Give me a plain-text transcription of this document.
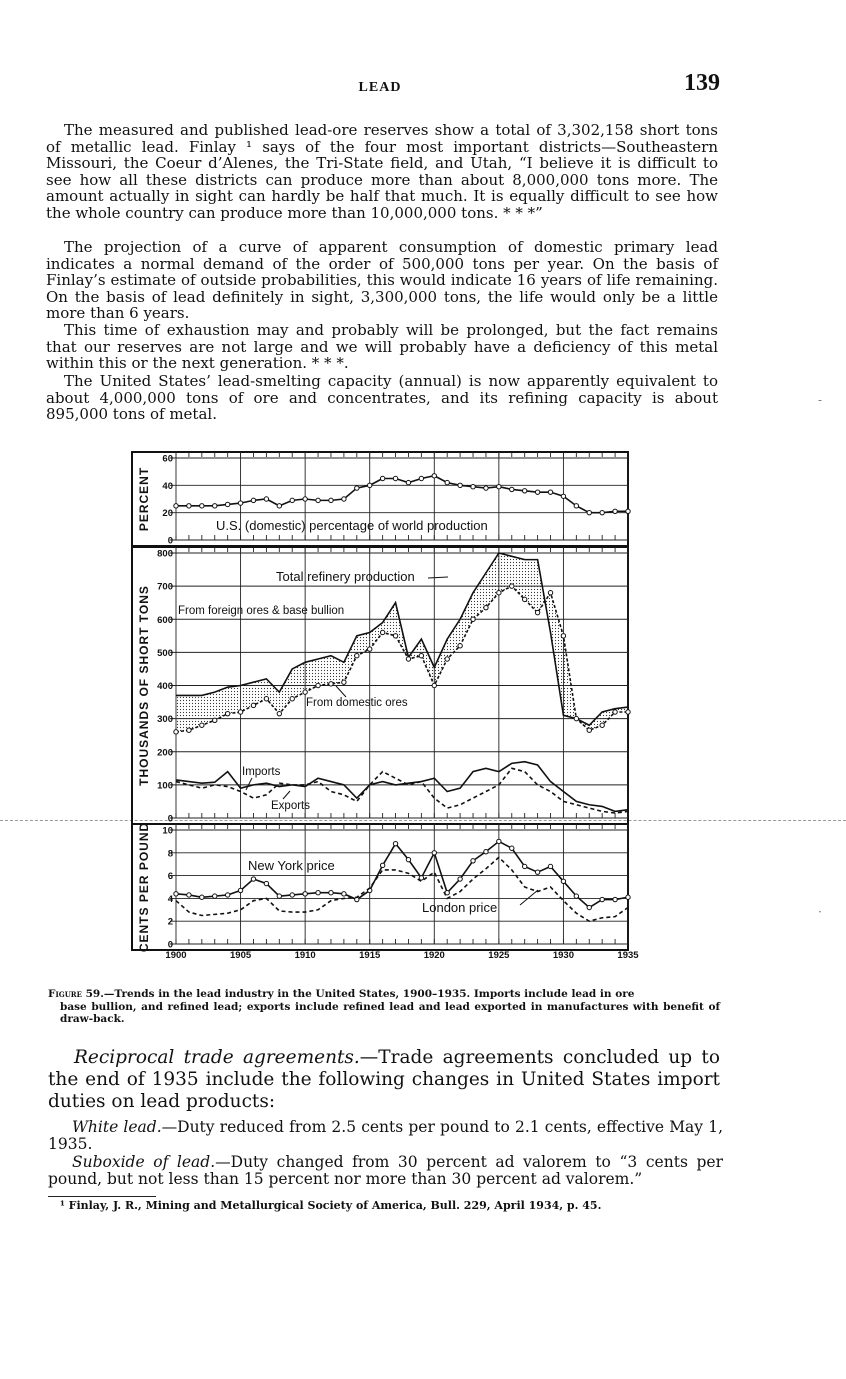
LEAD	139

The measured and published lead-ore reserves show a total of 3,302,158 short tons of metallic lead. Finlay ¹ says of the four most important districts—Southeastern Missouri, the Coeur d’Alenes, the Tri-State field, and Utah, “I believe it is difficult to see how all these districts can produce more than about 8,000,000 tons more. The amount actually in sight can hardly be half that much. It is equally difficult to see how the whole country can produce more than 10,000,000 tons. * * *”

The projection of a curve of apparent consumption of domestic primary lead indicates a normal demand of the order of 500,000 tons per year. On the basis of Finlay’s estimate of outside probabilities, this would indicate 16 years of life remaining. On the basis of lead definitely in sight, 3,300,000 tons, the life would only be a little more than 6 years.

This time of exhaustion may and probably will be prolonged, but the fact remains that our reserves are not large and we will probably have a deficiency of this metal within this or the next generation. * * *.

The United States’ lead-smelting capacity (annual) is now apparently equivalent to about 4,000,000 tons of ore and concentrates, and its refining capacity is about 895,000 tons of metal.

-
·
60
40
20
0
PERCENT	U.S. (domestic) percentage of world production
800
700
600
500
400
300
200
100
0
THOUSANDS OF SHORT TONS
Total refinery production
From foreign ores & base bullion
From domestic ores
Imports
Exports
10
8
6
4
2
0
CENTS PER POUND	New York price
London price
1900	1905	1910	1915	1920	1925	1930	1935

Figure 59.—Trends in the lead industry in the United States, 1900–1935. Imports include lead in ore
base bullion, and refined lead; exports include refined lead and lead exported in manufactures with benefit of draw-back.

Reciprocal trade agreements.—Trade agreements concluded up to the end of 1935 include the following changes in United States import duties on lead products:

White lead.—Duty reduced from 2.5 cents per pound to 2.1 cents, effective May 1, 1935.

Suboxide of lead.—Duty changed from 30 percent ad valorem to “3 cents per pound, but not less than 15 percent nor more than 30 percent ad valorem.”

¹ Finlay, J. R., Mining and Metallurgical Society of America, Bull. 229, April 1934, p. 45.
